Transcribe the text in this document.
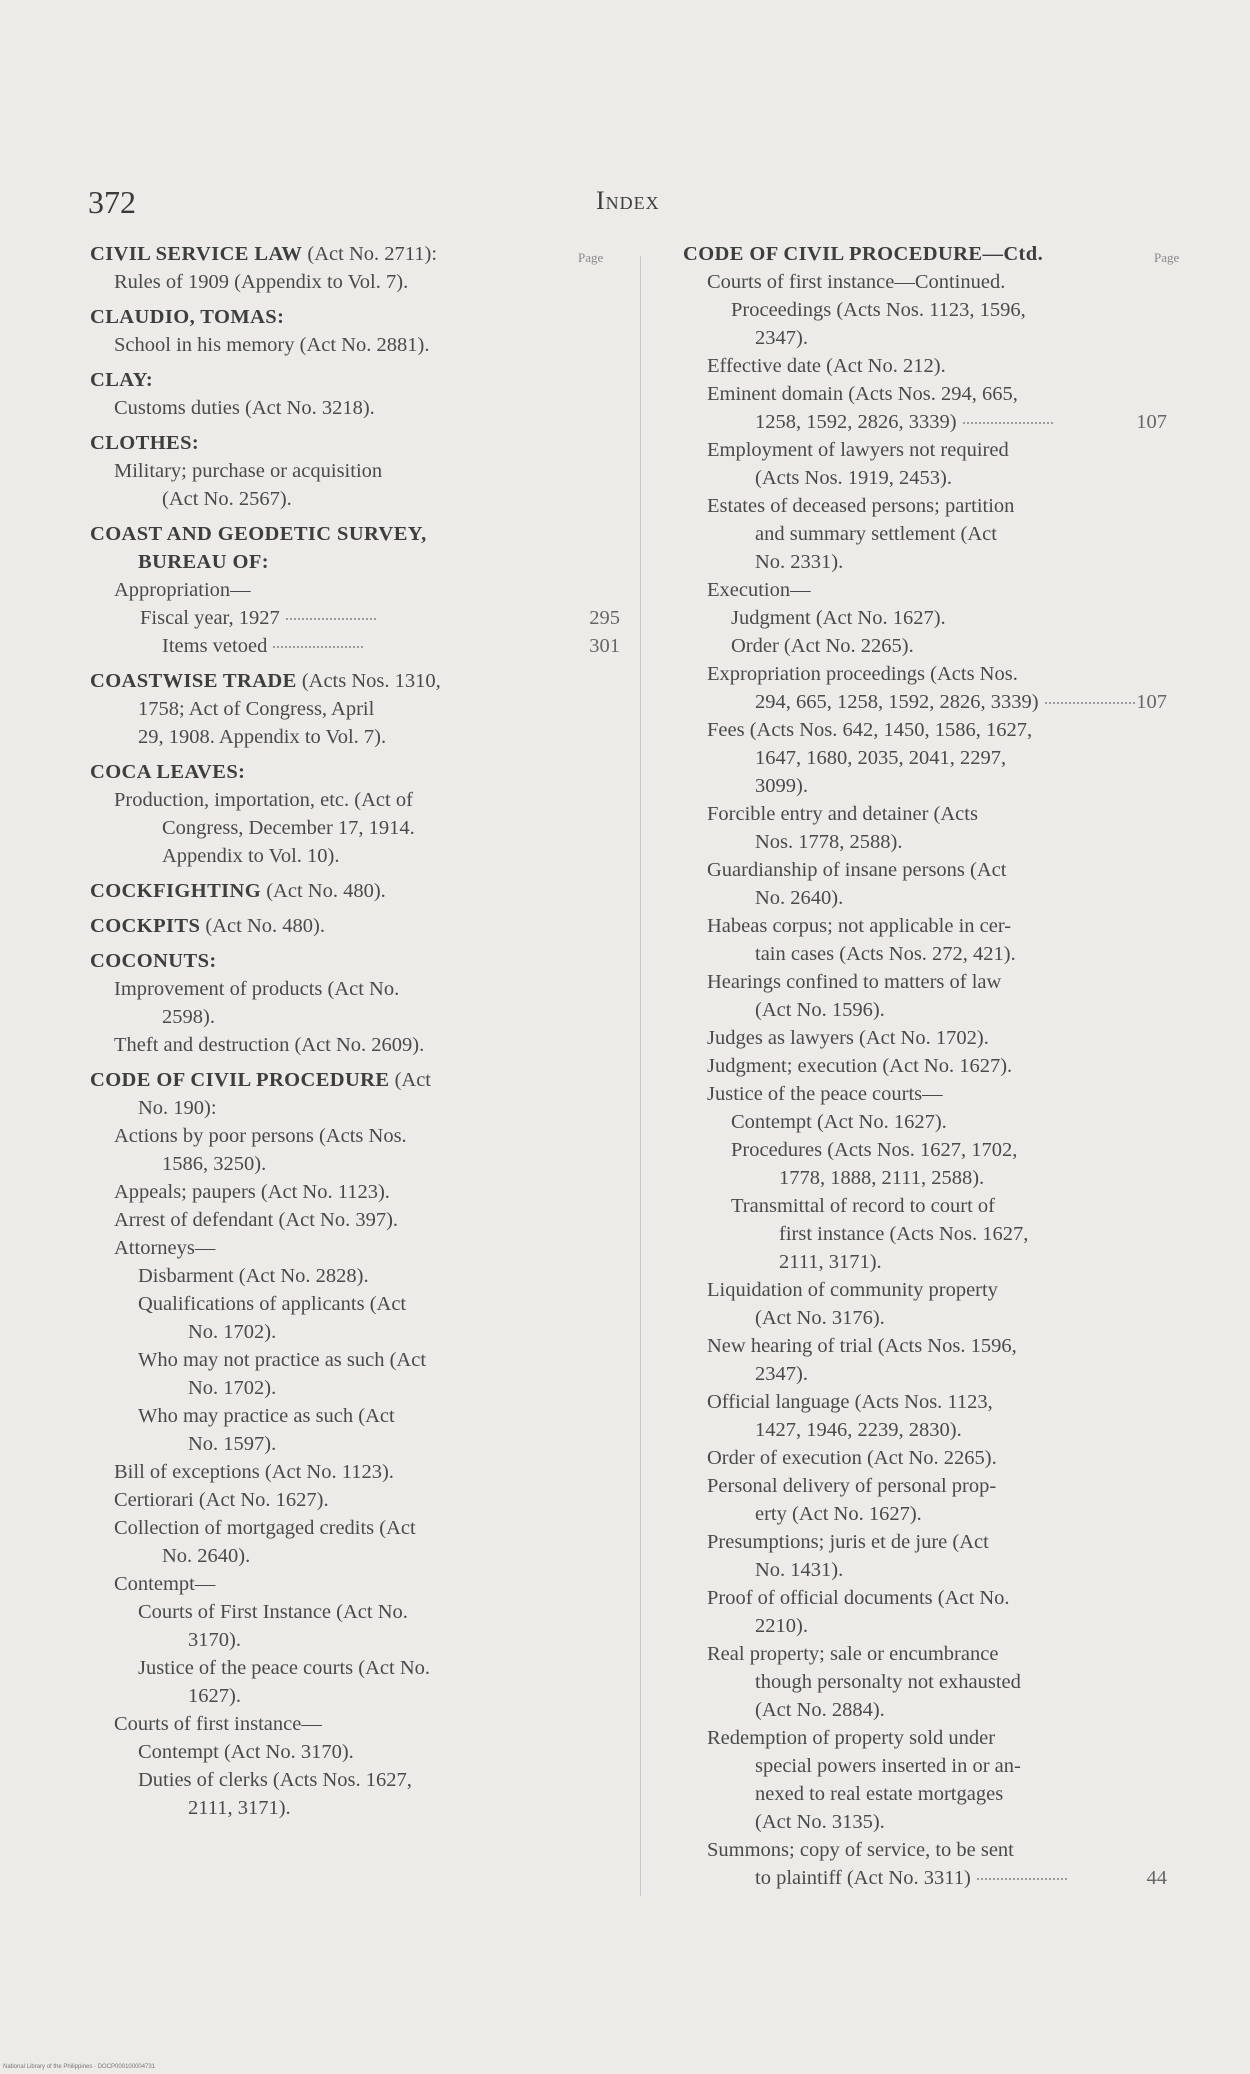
372	Index
Page	Page
CIVIL SERVICE LAW (Act No. 2711):
Rules of 1909 (Appendix to Vol. 7).
CLAUDIO, TOMAS:
School in his memory (Act No. 2881).
CLAY:
Customs duties (Act No. 3218).
CLOTHES:
Military; purchase or acquisition
(Act No. 2567).
COAST AND GEODETIC SURVEY,
BUREAU OF:
Appropriation—
Fiscal year, 1927	295
Items vetoed	301
COASTWISE TRADE (Acts Nos. 1310,
1758; Act of Congress, April
29, 1908. Appendix to Vol. 7).
COCA LEAVES:
Production, importation, etc. (Act of
Congress, December 17, 1914.
Appendix to Vol. 10).
COCKFIGHTING (Act No. 480).
COCKPITS (Act No. 480).
COCONUTS:
Improvement of products (Act No.
2598).
Theft and destruction (Act No. 2609).
CODE OF CIVIL PROCEDURE (Act
No. 190):
Actions by poor persons (Acts Nos.
1586, 3250).
Appeals; paupers (Act No. 1123).
Arrest of defendant (Act No. 397).
Attorneys—
Disbarment (Act No. 2828).
Qualifications of applicants (Act
No. 1702).
Who may not practice as such (Act
No. 1702).
Who may practice as such (Act
No. 1597).
Bill of exceptions (Act No. 1123).
Certiorari (Act No. 1627).
Collection of mortgaged credits (Act
No. 2640).
Contempt—
Courts of First Instance (Act No.
3170).
Justice of the peace courts (Act No.
1627).
Courts of first instance—
Contempt (Act No. 3170).
Duties of clerks (Acts Nos. 1627,
2111, 3171).
CODE OF CIVIL PROCEDURE—Ctd.
Courts of first instance—Continued.
Proceedings (Acts Nos. 1123, 1596,
2347).
Effective date (Act No. 212).
Eminent domain (Acts Nos. 294, 665,
1258, 1592, 2826, 3339)	107
Employment of lawyers not required
(Acts Nos. 1919, 2453).
Estates of deceased persons; partition
and summary settlement (Act
No. 2331).
Execution—
Judgment (Act No. 1627).
Order (Act No. 2265).
Expropriation proceedings (Acts Nos.
294, 665, 1258, 1592, 2826, 3339)	107
Fees (Acts Nos. 642, 1450, 1586, 1627,
1647, 1680, 2035, 2041, 2297,
3099).
Forcible entry and detainer (Acts
Nos. 1778, 2588).
Guardianship of insane persons (Act
No. 2640).
Habeas corpus; not applicable in cer-
tain cases (Acts Nos. 272, 421).
Hearings confined to matters of law
(Act No. 1596).
Judges as lawyers (Act No. 1702).
Judgment; execution (Act No. 1627).
Justice of the peace courts—
Contempt (Act No. 1627).
Procedures (Acts Nos. 1627, 1702,
1778, 1888, 2111, 2588).
Transmittal of record to court of
first instance (Acts Nos. 1627,
2111, 3171).
Liquidation of community property
(Act No. 3176).
New hearing of trial (Acts Nos. 1596,
2347).
Official language (Acts Nos. 1123,
1427, 1946, 2239, 2830).
Order of execution (Act No. 2265).
Personal delivery of personal prop-
erty (Act No. 1627).
Presumptions; juris et de jure (Act
No. 1431).
Proof of official documents (Act No.
2210).
Real property; sale or encumbrance
though personalty not exhausted
(Act No. 2884).
Redemption of property sold under
special powers inserted in or an-
nexed to real estate mortgages
(Act No. 3135).
Summons; copy of service, to be sent
to plaintiff (Act No. 3311)	44
National Library of the Philippines · DOCP000100004731
